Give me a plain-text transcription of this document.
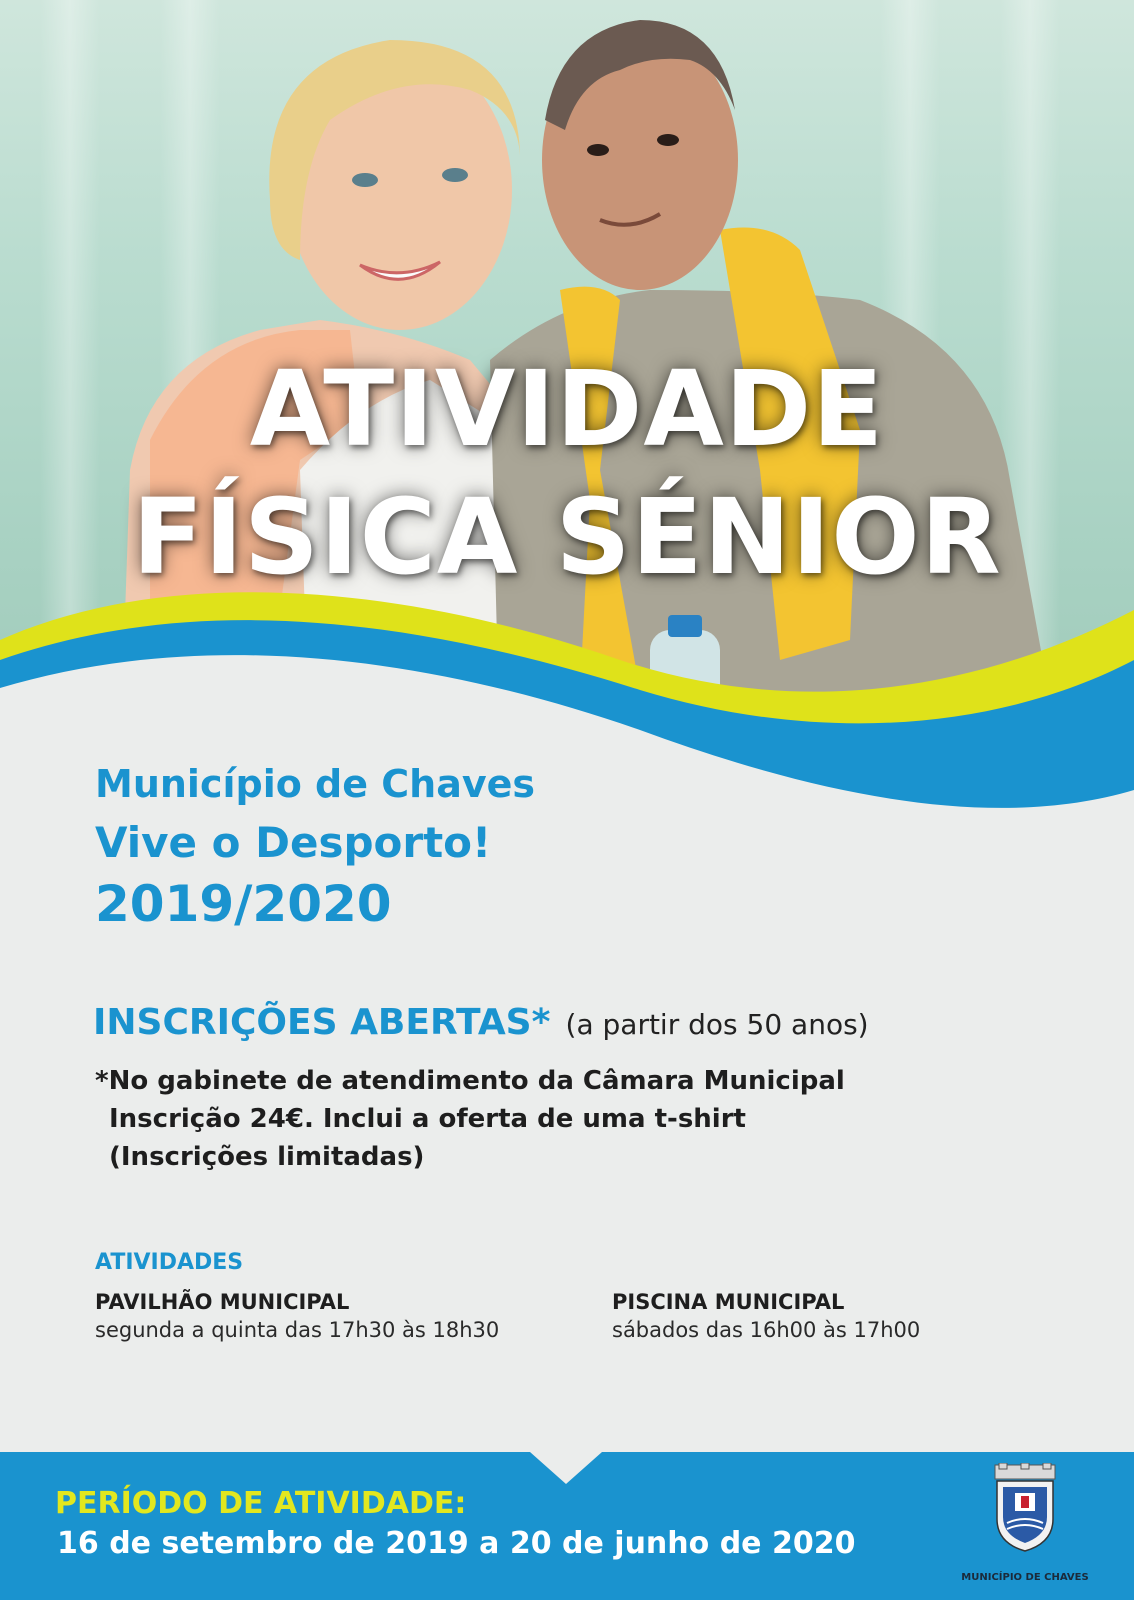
ATIVIDADE
FÍSICA SÉNIOR
Município de Chaves
Vive o Desporto!
2019/2020
INSCRIÇÕES ABERTAS* (a partir dos 50 anos)
*No gabinete de atendimento da Câmara Municipal
Inscrição 24€. Inclui a oferta de uma t-shirt
(Inscrições limitadas)
ATIVIDADES
PAVILHÃO MUNICIPAL
segunda a quinta das 17h30 às 18h30
PISCINA MUNICIPAL
sábados das 16h00 às 17h00
PERÍODO DE ATIVIDADE:
16 de setembro de 2019 a 20 de junho de 2020
MUNICÍPIO DE CHAVES
